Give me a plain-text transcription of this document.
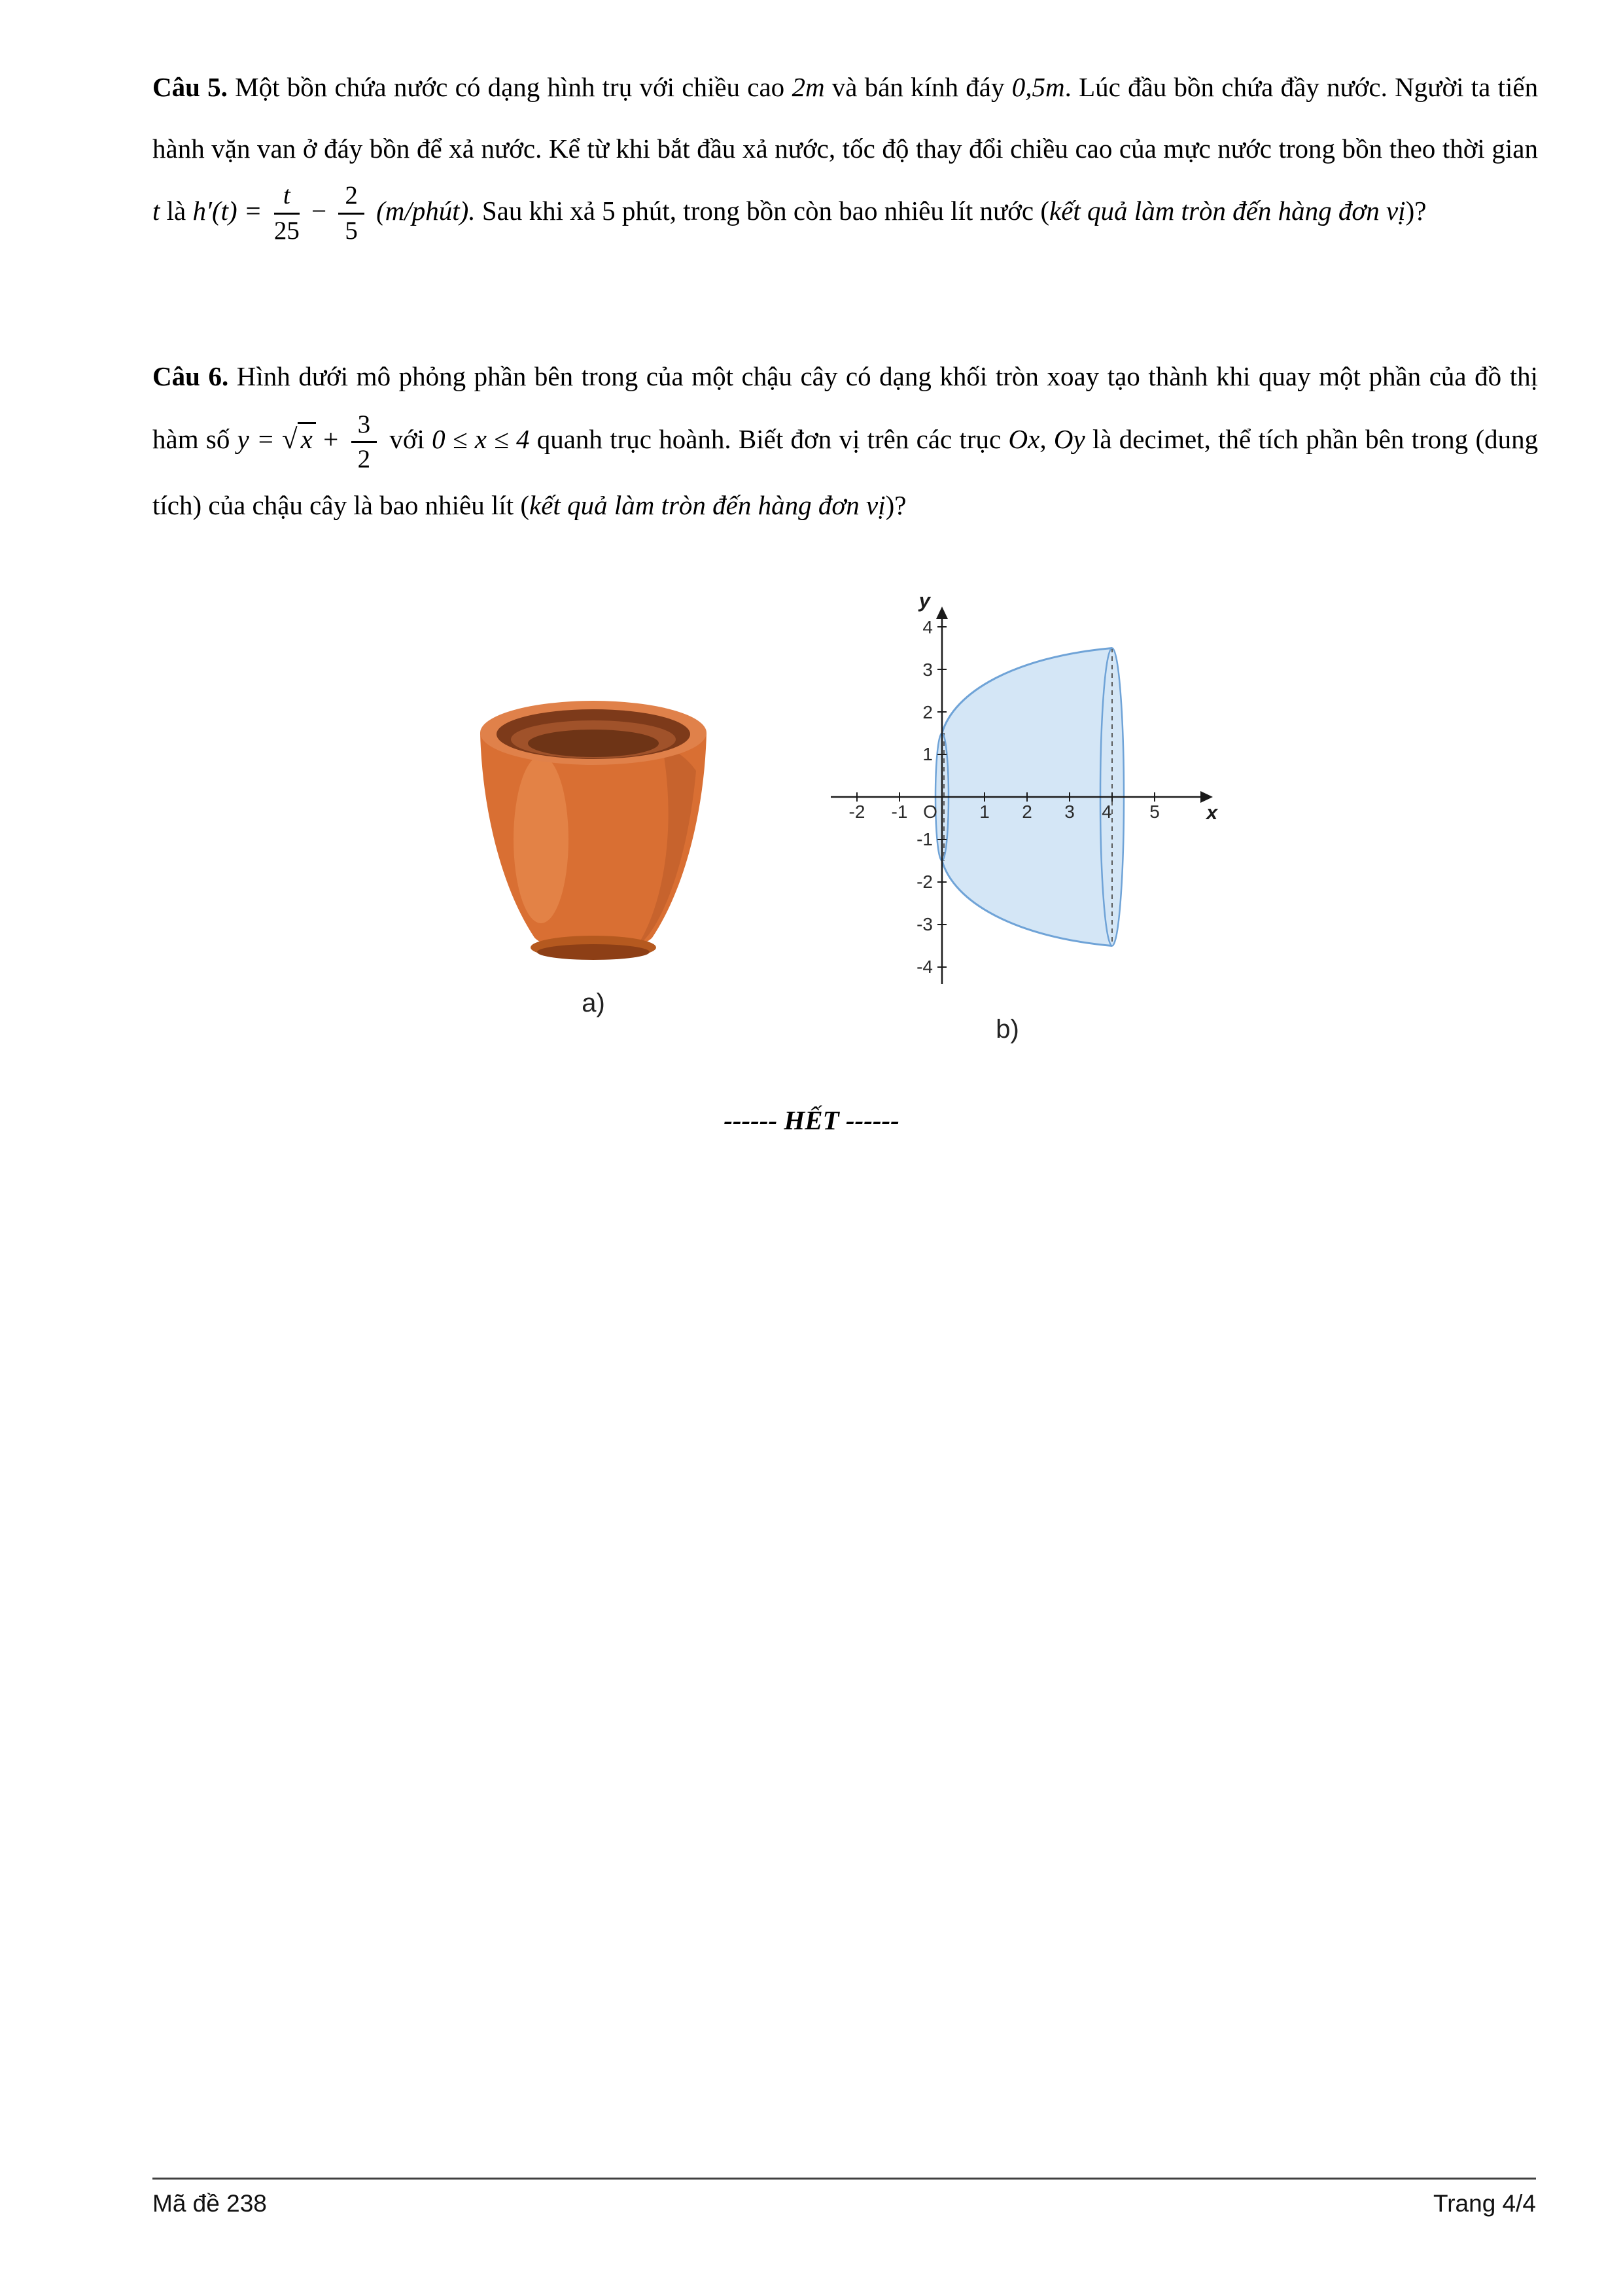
Câu 5. Một bồn chứa nước có dạng hình trụ với chiều cao 2m và bán kính đáy 0,5m. Lúc đầu bồn chứa đầy nước. Người ta tiến hành vặn van ở đáy bồn để xả nước. Kể từ khi bắt đầu xả nước, tốc độ thay đổi chiều cao của mực nước trong bồn theo thời gian t là $h'(t) = \frac{t}{25} - \frac{2}{5}$ (m/phút). Sau khi xả 5 phút, trong bồn còn bao nhiêu lít nước (kết quả làm tròn đến hàng đơn vị)?

Câu 6. Hình dưới mô phỏng phần bên trong của một chậu cây có dạng khối tròn xoay tạo thành khi quay một phần của đồ thị hàm số y = √ $x + \frac{3}{2}$ với 0 ≤ x ≤ 4 quanh trục hoành. Biết đơn vị trên các trục Ox, Oy là decimet, thể tích phần bên trong (dung tích) của chậu cây là bao nhiêu lít (kết quả làm tròn đến hàng đơn vị)?

a)
y
x
O
-2 -1	1 2 3 4 5
4
3
2
1
-1
-2
-3
-4
b)
------ HẾT ------
Mã đề 238	Trang 4/4
